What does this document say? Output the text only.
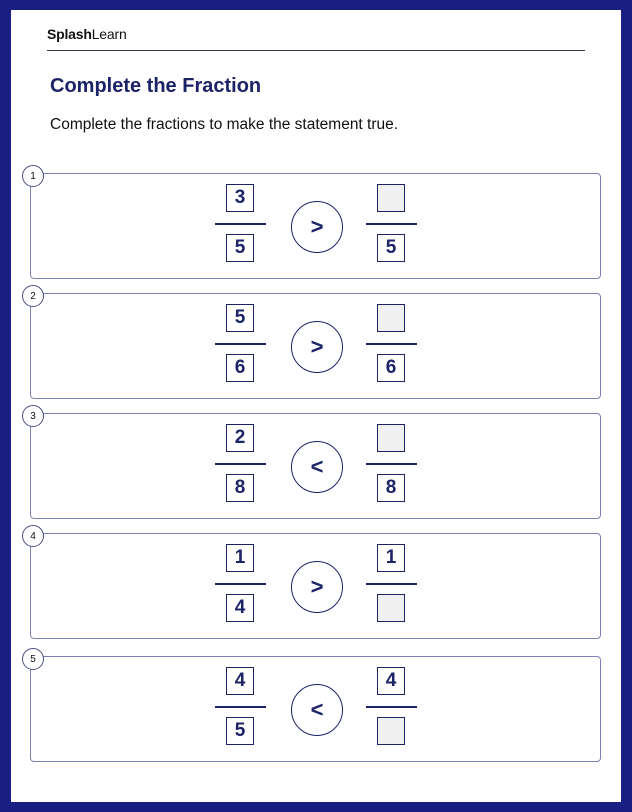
SplashLearn
Complete the Fraction
Complete the fractions to make the statement true.
1
$\frac{3}{5}$	>
5
2
$\frac{5}{6}$	>
6
3
$\frac{2}{8}$	<
8
4
$\frac{1}{4}$	>
1
5
$\frac{4}{5}$	<
4
